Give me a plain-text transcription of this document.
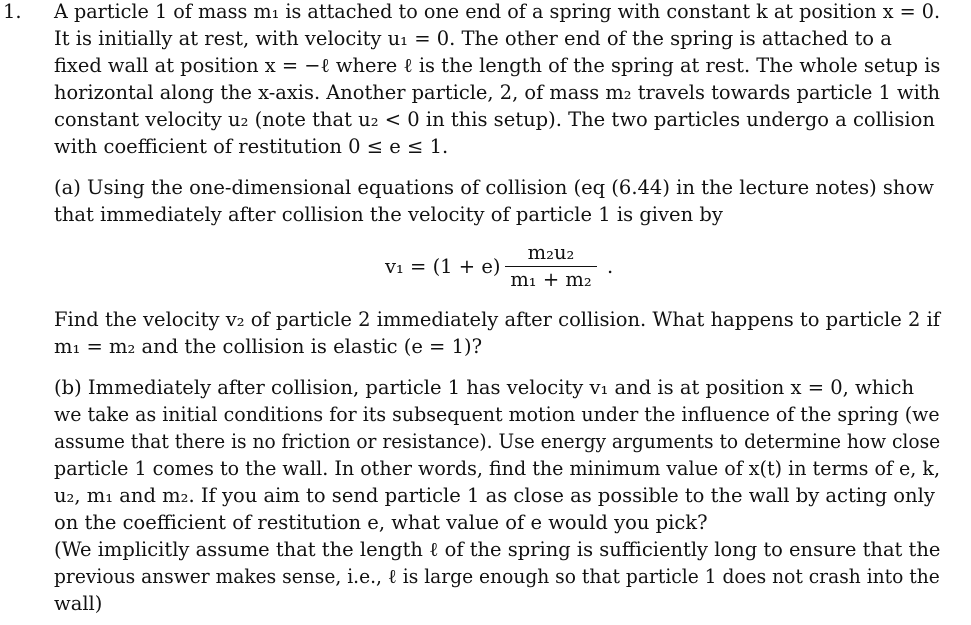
1. A particle 1 of mass m₁ is attached to one end of a spring with constant k at position x = 0.
It is initially at rest, with velocity u₁ = 0. The other end of the spring is attached to a
fixed wall at position x = −ℓ where ℓ is the length of the spring at rest. The whole setup is
horizontal along the x-axis. Another particle, 2, of mass m₂ travels towards particle 1 with
constant velocity u₂ (note that u₂ < 0 in this setup). The two particles undergo a collision
with coefficient of restitution 0 ≤ e ≤ 1.
(a) Using the one-dimensional equations of collision (eq (6.44) in the lecture notes) show
that immediately after collision the velocity of particle 1 is given by
v₁ = (1 + e)
m₂u₂
m₁ + m₂
.
Find the velocity v₂ of particle 2 immediately after collision. What happens to particle 2 if
m₁ = m₂ and the collision is elastic (e = 1)?
(b) Immediately after collision, particle 1 has velocity v₁ and is at position x = 0, which
we take as initial conditions for its subsequent motion under the influence of the spring (we
assume that there is no friction or resistance). Use energy arguments to determine how close
particle 1 comes to the wall. In other words, find the minimum value of x(t) in terms of e, k,
u₂, m₁ and m₂. If you aim to send particle 1 as close as possible to the wall by acting only
on the coefficient of restitution e, what value of e would you pick?
(We implicitly assume that the length ℓ of the spring is sufficiently long to ensure that the
previous answer makes sense, i.e., ℓ is large enough so that particle 1 does not crash into the
wall)
